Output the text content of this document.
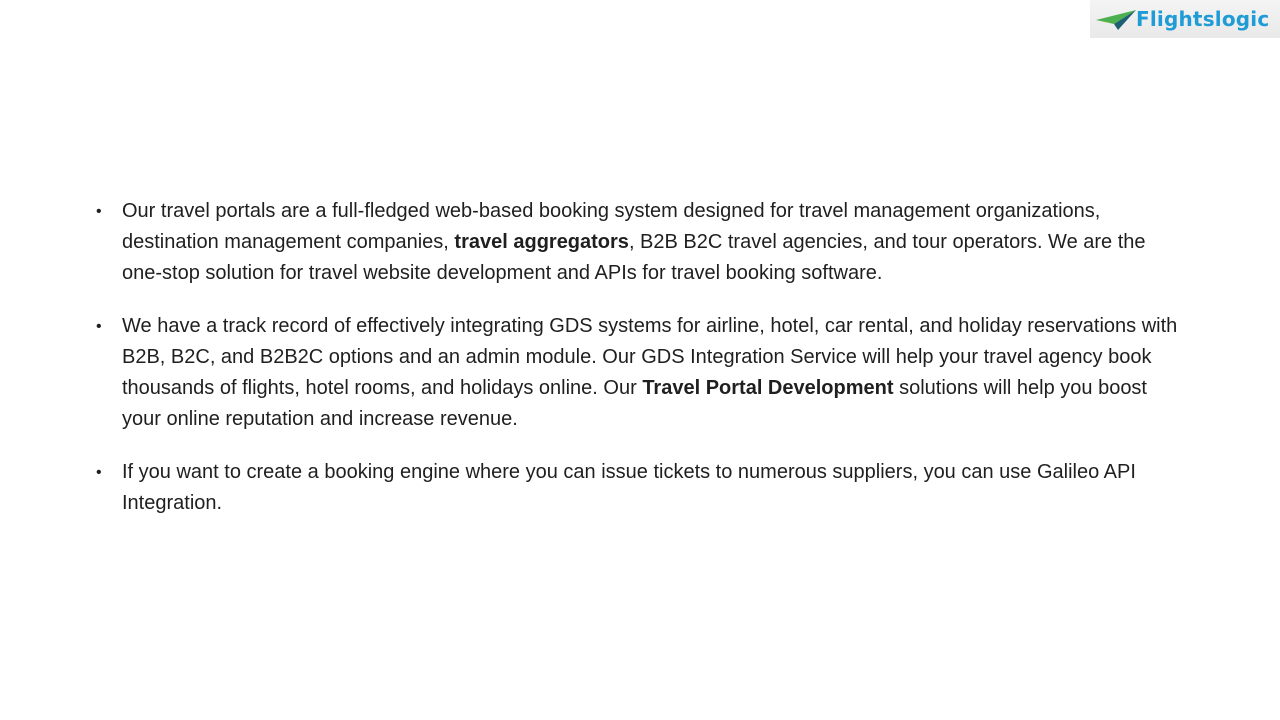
Flightslogic
• Our travel portals are a full-fledged web-based booking system designed for travel management organizations, destination management companies, travel aggregators, B2B B2C travel agencies, and tour operators. We are the one-stop solution for travel website development and APIs for travel booking software.
• We have a track record of effectively integrating GDS systems for airline, hotel, car rental, and holiday reservations with B2B, B2C, and B2B2C options and an admin module. Our GDS Integration Service will help your travel agency book thousands of flights, hotel rooms, and holidays online. Our Travel Portal Development solutions will help you boost your online reputation and increase revenue.
• If you want to create a booking engine where you can issue tickets to numerous suppliers, you can use Galileo API Integration.
